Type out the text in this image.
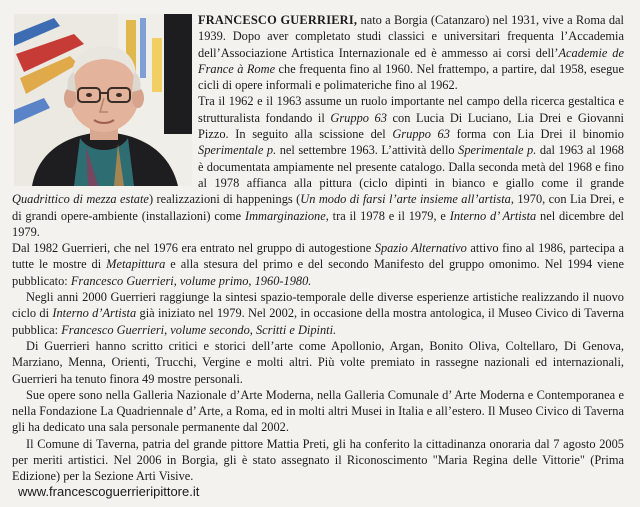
FRANCESCO GUERRIERI, nato a Borgia (Catanzaro) nel 1931, vive a Roma dal 1939. Dopo aver completato studi classici e universitari frequenta l’Accademia dell’Associazione Artistica Internazionale ed è ammesso ai corsi dell’Academie de France à Rome che frequenta fino al 1960. Nel frattempo, a partire, dal 1958, esegue cicli di opere informali e polimateriche fino al 1962.

Tra il 1962 e il 1963 assume un ruolo importante nel campo della ricerca gestaltica e strutturalista fondando il Gruppo 63 con Lucia Di Luciano, Lia Drei e Giovanni Pizzo. In seguito alla scissione del Gruppo 63 forma con Lia Drei il binomio Sperimentale p. nel settembre 1963. L’attività dello Sperimentale p. dal 1963 al 1968 è documentata ampiamente nel presente catalogo. Dalla seconda metà del 1968 e fino al 1978 affianca alla pittura (ciclo dipinti in bianco e giallo come il grande Quadrittico di mezza estate) realizzazioni di happenings (Un modo di farsi l’arte insieme all’artista, 1970, con Lia Drei, e di grandi opere-ambiente (installazioni) come Immarginazione, tra il 1978 e il 1979, e Interno d’ Artista nel dicembre del 1979.

Dal 1982 Guerrieri, che nel 1976 era entrato nel gruppo di autogestione Spazio Alternativo attivo fino al 1986, partecipa a tutte le mostre di Metapittura e alla stesura del primo e del secondo Manifesto del gruppo omonimo. Nel 1994 viene pubblicato: Francesco Guerrieri, volume primo, 1960-1980.

Negli anni 2000 Guerrieri raggiunge la sintesi spazio-temporale delle diverse esperienze artistiche realizzando il nuovo ciclo di Interno d’Artista già iniziato nel 1979. Nel 2002, in occasione della mostra antologica, il Museo Civico di Taverna pubblica: Francesco Guerrieri, volume secondo, Scritti e Dipinti.

Di Guerrieri hanno scritto critici e storici dell’arte come Apollonio, Argan, Bonito Oliva, Coltellaro, Di Genova, Marziano, Menna, Orienti, Trucchi, Vergine e molti altri. Più volte premiato in rassegne nazionali ed internazionali, Guerrieri ha tenuto finora 49 mostre personali.

Sue opere sono nella Galleria Nazionale d’Arte Moderna, nella Galleria Comunale d’ Arte Moderna e Contemporanea e nella Fondazione La Quadriennale d’ Arte, a Roma, ed in molti altri Musei in Italia e all’estero. Il Museo Civico di Taverna gli ha dedicato una sala personale permanente dal 2002.

Il Comune di Taverna, patria del grande pittore Mattia Preti, gli ha conferito la cittadinanza onoraria dal 7 agosto 2005 per meriti artistici. Nel 2006 in Borgia, gli è stato assegnato il Riconoscimento "Maria Regina delle Vittorie" (Prima Edizione) per la Sezione Arti Visive.

www.francescoguerrieripittore.it
